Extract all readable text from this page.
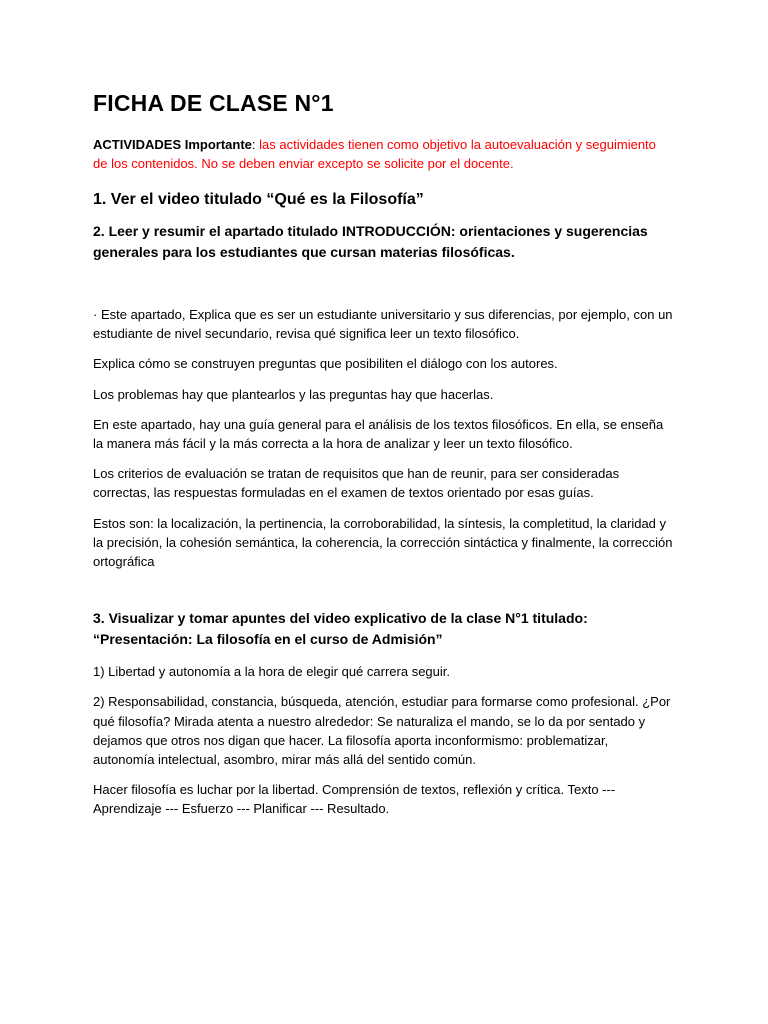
FICHA DE CLASE N°1
ACTIVIDADES Importante: las actividades tienen como objetivo la autoevaluación y seguimiento de los contenidos. No se deben enviar excepto se solicite por el docente.
1. Ver el video titulado “Qué es la Filosofía”
2. Leer y resumir el apartado titulado INTRODUCCIÓN: orientaciones y sugerencias generales para los estudiantes que cursan materias filosóficas.

· Este apartado, Explica que es ser un estudiante universitario y sus diferencias, por ejemplo, con un estudiante de nivel secundario, revisa qué significa leer un texto filosófico.

Explica cómo se construyen preguntas que posibiliten el diálogo con los autores.

Los problemas hay que plantearlos y las preguntas hay que hacerlas.

En este apartado, hay una guía general para el análisis de los textos filosóficos. En ella, se enseña la manera más fácil y la más correcta a la hora de analizar y leer un texto filosófico.

Los criterios de evaluación se tratan de requisitos que han de reunir, para ser consideradas correctas, las respuestas formuladas en el examen de textos orientado por esas guías.

Estos son: la localización, la pertinencia, la corroborabilidad, la síntesis, la completitud, la claridad y la precisión, la cohesión semántica, la coherencia, la corrección sintáctica y finalmente, la corrección ortográfica

3. Visualizar y tomar apuntes del video explicativo de la clase N°1 titulado: “Presentación: La filosofía en el curso de Admisión”

1) Libertad y autonomía a la hora de elegir qué carrera seguir.

2) Responsabilidad, constancia, búsqueda, atención, estudiar para formarse como profesional. ¿Por qué filosofía? Mirada atenta a nuestro alrededor: Se naturaliza el mando, se lo da por sentado y dejamos que otros nos digan que hacer. La filosofía aporta inconformismo: problematizar, autonomía intelectual, asombro, mirar más allá del sentido común.

Hacer filosofía es luchar por la libertad. Comprensión de textos, reflexión y crítica. Texto --- Aprendizaje --- Esfuerzo --- Planificar --- Resultado.
